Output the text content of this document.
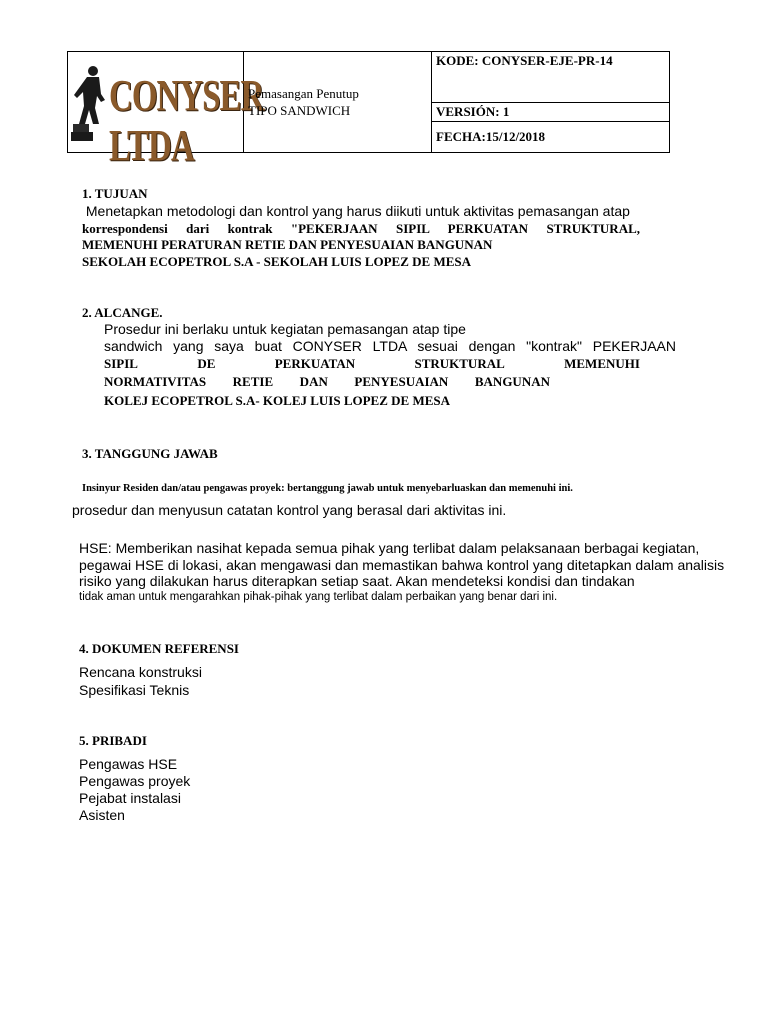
CONYSER LTDA
Pemasangan Penutup
TIPO SANDWICH
KODE: CONYSER-EJE-PR-14
VERSIÓN: 1
FECHA:15/12/2018
1. TUJUAN
Menetapkan metodologi dan kontrol yang harus diikuti untuk aktivitas pemasangan atap
korrespondensi dari kontrak "PEKERJAAN SIPIL PERKUATAN STRUKTURAL,
MEMENUHI PERATURAN RETIE DAN PENYESUAIAN BANGUNAN
SEKOLAH ECOPETROL S.A - SEKOLAH LUIS LOPEZ DE MESA
2. ALCANGE.
Prosedur ini berlaku untuk kegiatan pemasangan atap tipe
sandwich yang saya buat CONYSER LTDA sesuai dengan "kontrak" PEKERJAAN
SIPIL	DE	PERKUATAN	STRUKTURAL	MEMENUHI
NORMATIVITAS RETIE DAN PENYESUAIAN BANGUNAN
KOLEJ ECOPETROL S.A- KOLEJ LUIS LOPEZ DE MESA
3. TANGGUNG JAWAB
Insinyur Residen dan/atau pengawas proyek: bertanggung jawab untuk menyebarluaskan dan memenuhi ini.
prosedur dan menyusun catatan kontrol yang berasal dari aktivitas ini.
HSE: Memberikan nasihat kepada semua pihak yang terlibat dalam pelaksanaan berbagai kegiatan,
pegawai HSE di lokasi, akan mengawasi dan memastikan bahwa kontrol yang ditetapkan dalam analisis
risiko yang dilakukan harus diterapkan setiap saat. Akan mendeteksi kondisi dan tindakan
tidak aman untuk mengarahkan pihak-pihak yang terlibat dalam perbaikan yang benar dari ini.
4. DOKUMEN REFERENSI
Rencana konstruksi
Spesifikasi Teknis
5. PRIBADI
Pengawas HSE
Pengawas proyek
Pejabat instalasi
Asisten
